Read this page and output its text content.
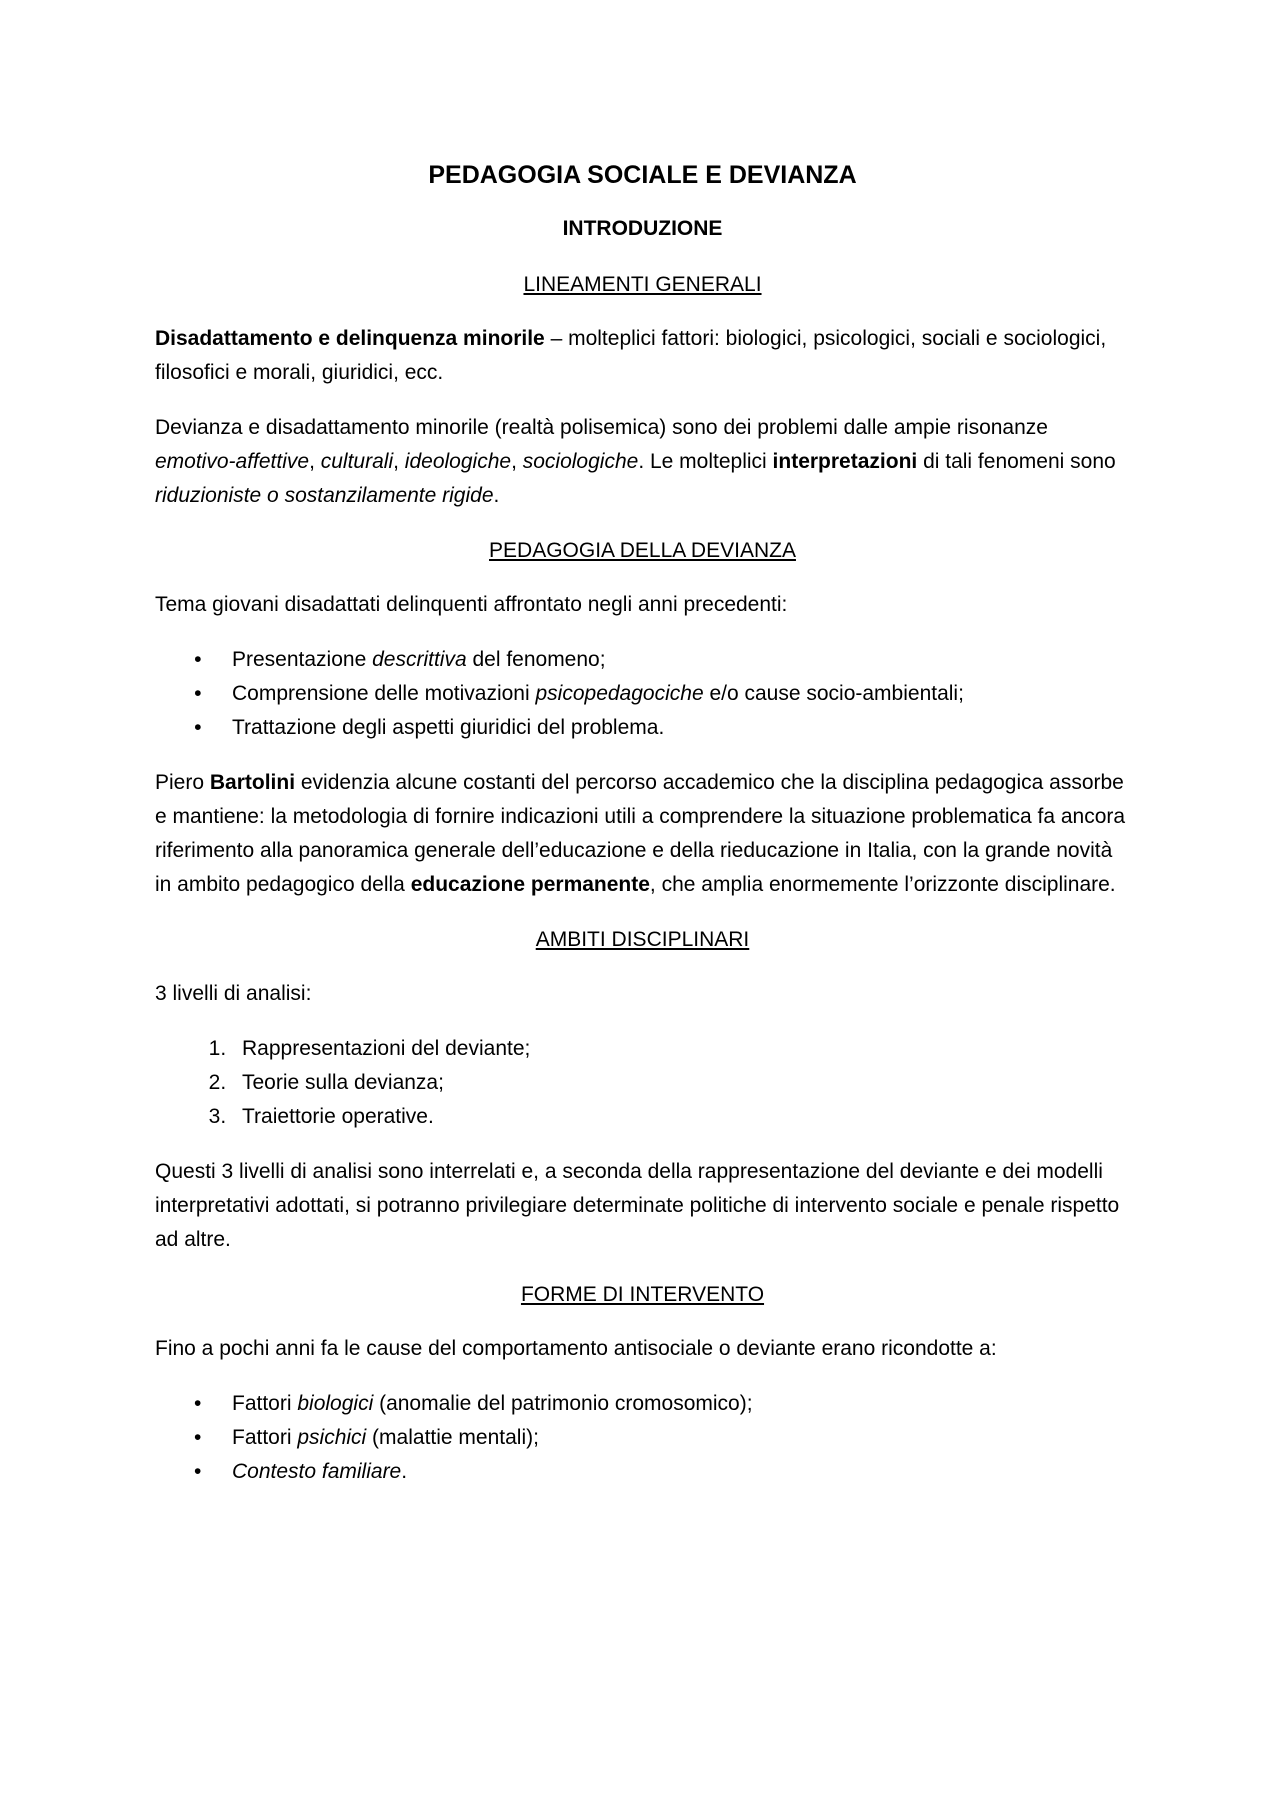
PEDAGOGIA SOCIALE E DEVIANZA
INTRODUZIONE
LINEAMENTI GENERALI

Disadattamento e delinquenza minorile – molteplici fattori: biologici, psicologici, sociali e sociologici, filosofici e morali, giuridici, ecc.

Devianza e disadattamento minorile (realtà polisemica) sono dei problemi dalle ampie risonanze emotivo-affettive, culturali, ideologiche, sociologiche. Le molteplici interpretazioni di tali fenomeni sono riduzioniste o sostanzilamente rigide.

PEDAGOGIA DELLA DEVIANZA

Tema giovani disadattati delinquenti affrontato negli anni precedenti:

• Presentazione descrittiva del fenomeno;
• Comprensione delle motivazioni psicopedagociche e/o cause socio-ambientali;
• Trattazione degli aspetti giuridici del problema.

Piero Bartolini evidenzia alcune costanti del percorso accademico che la disciplina pedagogica assorbe e mantiene: la metodologia di fornire indicazioni utili a comprendere la situazione problematica fa ancora riferimento alla panoramica generale dell’educazione e della rieducazione in Italia, con la grande novità in ambito pedagogico della educazione permanente, che amplia enormemente l’orizzonte disciplinare.

AMBITI DISCIPLINARI

3 livelli di analisi:

1. Rappresentazioni del deviante;
2. Teorie sulla devianza;
3. Traiettorie operative.

Questi 3 livelli di analisi sono interrelati e, a seconda della rappresentazione del deviante e dei modelli interpretativi adottati, si potranno privilegiare determinate politiche di intervento sociale e penale rispetto ad altre.

FORME DI INTERVENTO

Fino a pochi anni fa le cause del comportamento antisociale o deviante erano ricondotte a:

• Fattori biologici (anomalie del patrimonio cromosomico);
• Fattori psichici (malattie mentali);
• Contesto familiare.
